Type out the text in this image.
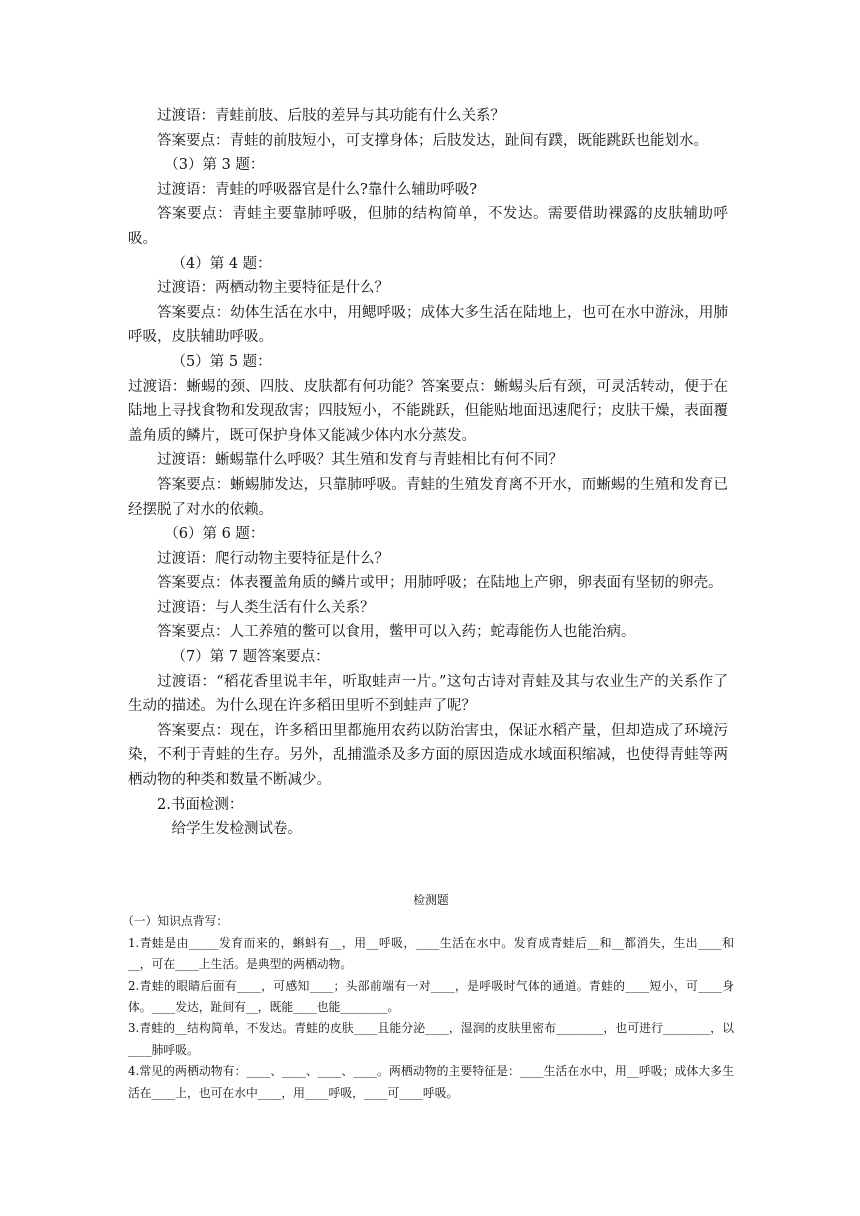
过渡语：青蛙前肢、后肢的差异与其功能有什么关系？

答案要点：青蛙的前肢短小，可支撑身体；后肢发达，趾间有蹼，既能跳跃也能划水。

（3）第 3 题：

过渡语：青蛙的呼吸器官是什么?靠什么辅助呼吸?

答案要点：青蛙主要靠肺呼吸，但肺的结构简单，不发达。需要借助裸露的皮肤辅助呼吸。

（4）第 4 题：

过渡语：两栖动物主要特征是什么？

答案要点：幼体生活在水中，用鳃呼吸；成体大多生活在陆地上，也可在水中游泳，用肺呼吸，皮肤辅助呼吸。

（5）第 5 题：

过渡语：蜥蜴的颈、四肢、皮肤都有何功能？答案要点：蜥蜴头后有颈，可灵活转动，便于在陆地上寻找食物和发现敌害；四肢短小，不能跳跃，但能贴地面迅速爬行；皮肤干燥，表面覆盖角质的鳞片，既可保护身体又能减少体内水分蒸发。

过渡语：蜥蜴靠什么呼吸？其生殖和发育与青蛙相比有何不同？

答案要点：蜥蜴肺发达，只靠肺呼吸。青蛙的生殖发育离不开水，而蜥蜴的生殖和发育已经摆脱了对水的依赖。

（6）第 6 题：

过渡语：爬行动物主要特征是什么？

答案要点：体表覆盖角质的鳞片或甲；用肺呼吸；在陆地上产卵，卵表面有坚韧的卵壳。

过渡语：与人类生活有什么关系？

答案要点：人工养殖的鳖可以食用，鳖甲可以入药；蛇毒能伤人也能治病。

（7）第 7 题答案要点：

过渡语：“稻花香里说丰年，听取蛙声一片。”这句古诗对青蛙及其与农业生产的关系作了生动的描述。为什么现在许多稻田里听不到蛙声了呢？

答案要点：现在，许多稻田里都施用农药以防治害虫，保证水稻产量，但却造成了环境污染，不利于青蛙的生存。另外，乱捕滥杀及多方面的原因造成水域面积缩减，也使得青蛙等两栖动物的种类和数量不断减少。

2.书面检测：

给学生发检测试卷。

检测题

（一）知识点背写：

1.青蛙是由_____发育而来的，蝌蚪有__，用__呼吸，____生活在水中。发育成青蛙后__和__都消失，生出____和__，可在____上生活。是典型的两栖动物。

2.青蛙的眼睛后面有____，可感知____；头部前端有一对____，是呼吸时气体的通道。青蛙的____短小，可____身体。____发达，趾间有__，既能____也能________。

3.青蛙的__结构简单，不发达。青蛙的皮肤____且能分泌____，湿润的皮肤里密布________，也可进行________，以____肺呼吸。

4.常见的两栖动物有：____、____、____、____。两栖动物的主要特征是：____生活在水中，用__呼吸；成体大多生活在____上，也可在水中____，用____呼吸，____可____呼吸。
